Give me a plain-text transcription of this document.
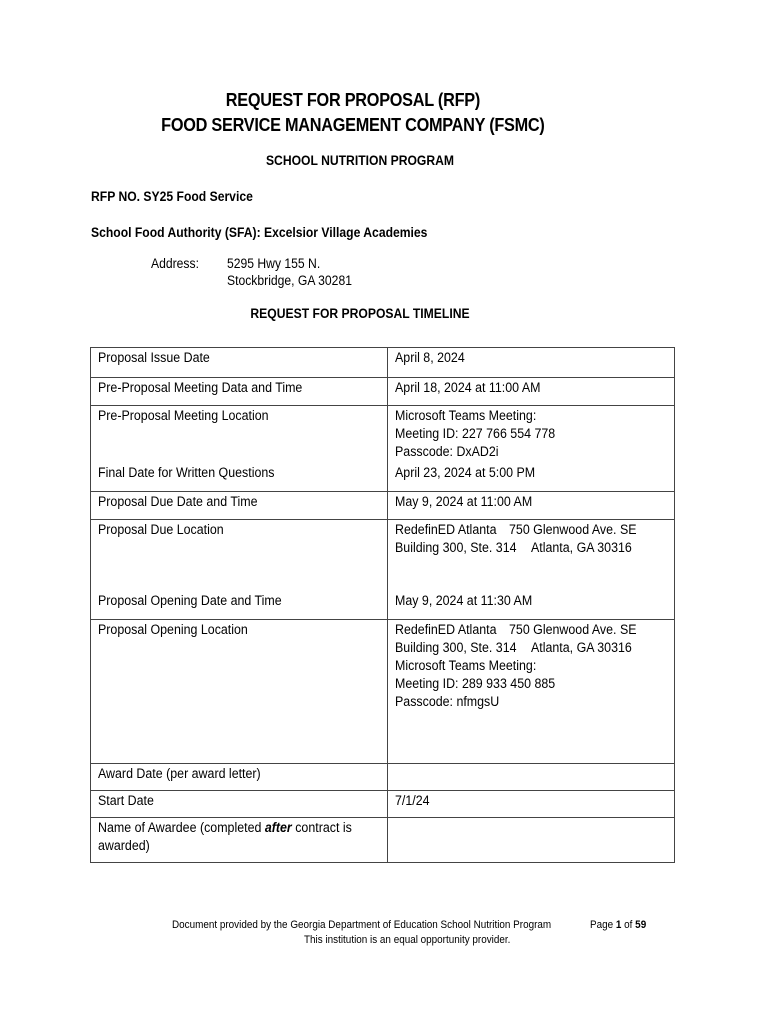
REQUEST FOR PROPOSAL (RFP)
FOOD SERVICE MANAGEMENT COMPANY (FSMC)
SCHOOL NUTRITION PROGRAM
RFP NO. SY25 Food Service
School Food Authority (SFA): Excelsior Village Academies
Address: 5295 Hwy 155 N.
Stockbridge, GA 30281
REQUEST FOR PROPOSAL TIMELINE
Proposal Issue Date	April 8, 2024
Pre-Proposal Meeting Data and Time	April 18, 2024 at 11:00 AM
Pre-Proposal Meeting Location	Microsoft Teams Meeting: Meeting ID: 227 766 554 778 Passcode: DxAD2i
Final Date for Written Questions	April 23, 2024 at 5:00 PM
Proposal Due Date and Time	May 9, 2024 at 11:00 AM
Proposal Due Location	RedefinED Atlanta 750 Glenwood Ave. SE Building 300, Ste. 314 Atlanta, GA 30316
Proposal Opening Date and Time	May 9, 2024 at 11:30 AM
Proposal Opening Location	RedefinED Atlanta 750 Glenwood Ave. SE Building 300, Ste. 314 Atlanta, GA 30316 Microsoft Teams Meeting: Meeting ID: 289 933 450 885 Passcode: nfmgsU
Award Date (per award letter)	
Start Date	7/1/24
Name of Awardee (completed after contract is awarded)	
Document provided by the Georgia Department of Education School Nutrition Program	Page 1 of 59
This institution is an equal opportunity provider.
